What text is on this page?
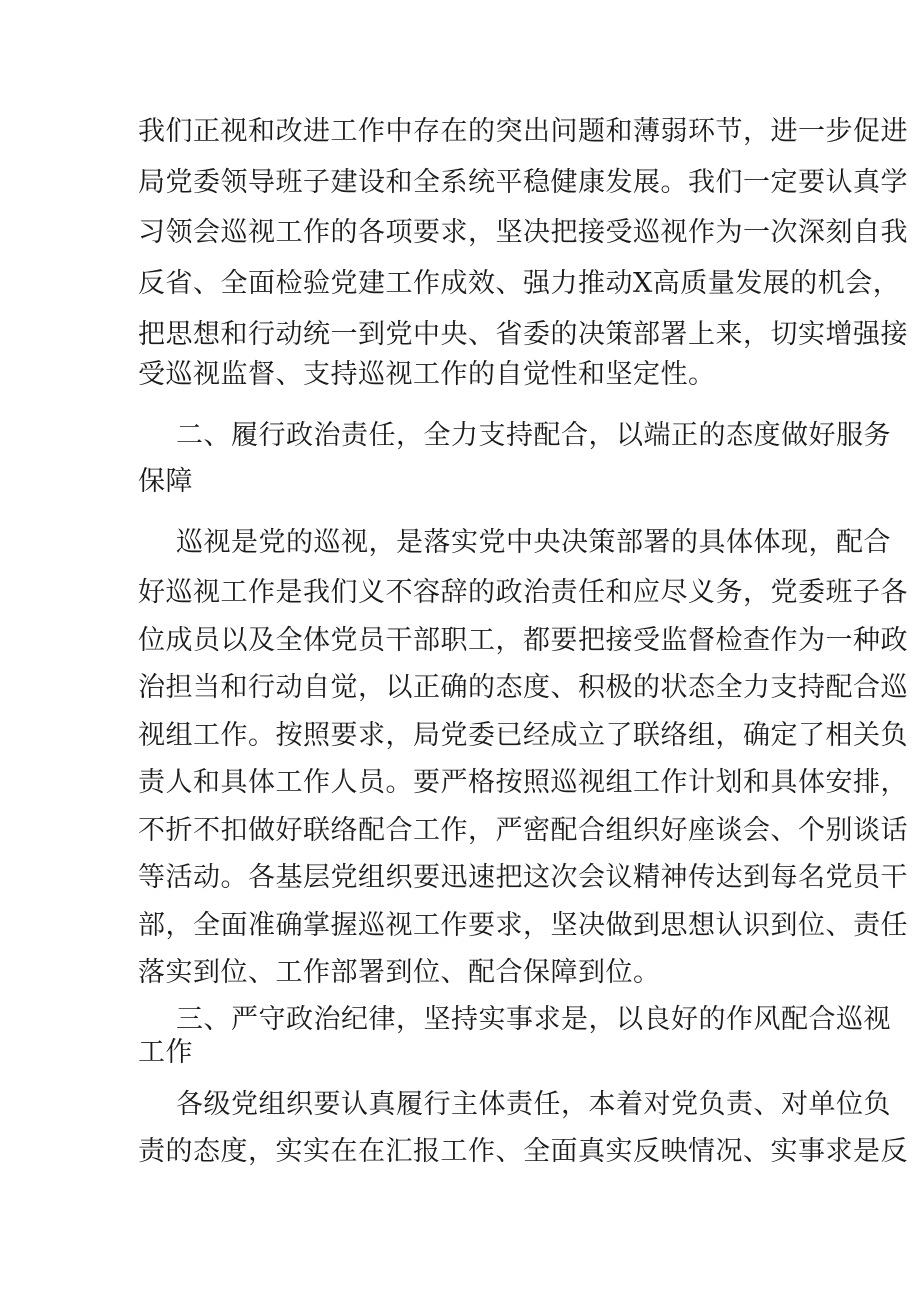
我们正视和改进工作中存在的突出问题和薄弱环节，进一步促进
局党委领导班子建设和全系统平稳健康发展。我们一定要认真学
习领会巡视工作的各项要求，坚决把接受巡视作为一次深刻自我
反省、全面检验党建工作成效、强力推动X高质量发展的机会，
把思想和行动统一到党中央、省委的决策部署上来，切实增强接
受巡视监督、支持巡视工作的自觉性和坚定性。
二、履行政治责任，全力支持配合，以端正的态度做好服务
保障
巡视是党的巡视，是落实党中央决策部署的具体体现，配合
好巡视工作是我们义不容辞的政治责任和应尽义务，党委班子各
位成员以及全体党员干部职工，都要把接受监督检查作为一种政
治担当和行动自觉，以正确的态度、积极的状态全力支持配合巡
视组工作。按照要求，局党委已经成立了联络组，确定了相关负
责人和具体工作人员。要严格按照巡视组工作计划和具体安排，
不折不扣做好联络配合工作，严密配合组织好座谈会、个别谈话
等活动。各基层党组织要迅速把这次会议精神传达到每名党员干
部，全面准确掌握巡视工作要求，坚决做到思想认识到位、责任
落实到位、工作部署到位、配合保障到位。
三、严守政治纪律，坚持实事求是，以良好的作风配合巡视
工作
各级党组织要认真履行主体责任，本着对党负责、对单位负
责的态度，实实在在汇报工作、全面真实反映情况、实事求是反
